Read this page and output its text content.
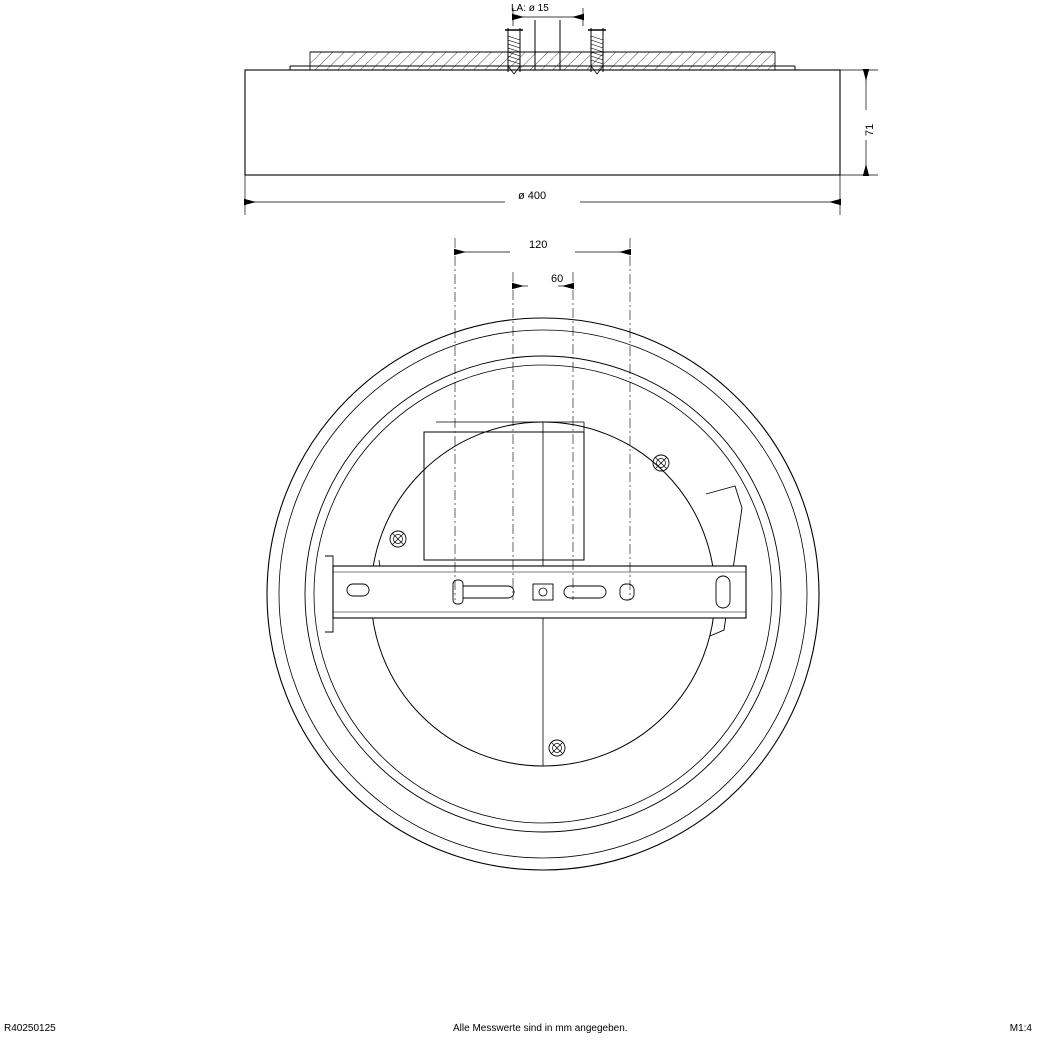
LA: ø 15
71
ø 400
120
60
R40250125	Alle Messwerte sind in mm angegeben.	M1:4
